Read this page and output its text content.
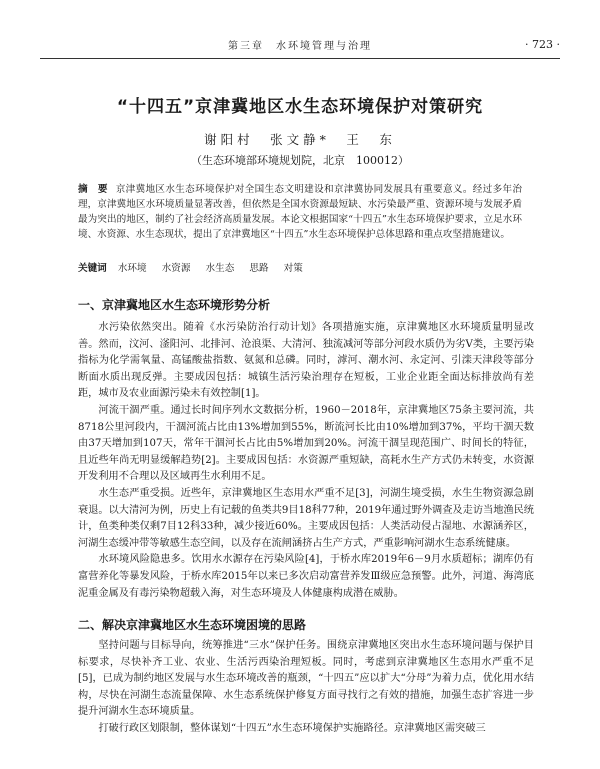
第三章　水环境管理与治理	· 723 ·
“十四五”京津冀地区水生态环境保护对策研究
谢阳村　张文静*　王　东
（生态环境部环境规划院，北京　100012）
摘　要 京津冀地区水生态环境保护对全国生态文明建设和京津冀协同发展具有重要意义。经过多年治理，京津冀地区水环境质量显著改善，但依然是全国水资源最短缺、水污染最严重、资源环境与发展矛盾最为突出的地区，制约了社会经济高质量发展。本论文根据国家“十四五”水生态环境保护要求，立足水环境、水资源、水生态现状，提出了京津冀地区“十四五”水生态环境保护总体思路和重点攻坚措施建议。
关键词 水环境 水资源 水生态 思路 对策
一、京津冀地区水生态环境形势分析

水污染依然突出。随着《水污染防治行动计划》各项措施实施，京津冀地区水环境质量明显改善。然而，汶河、滏阳河、北排河、沧浪渠、大清河、独流减河等部分河段水质仍为劣Ⅴ类，主要污染指标为化学需氧量、高锰酸盐指数、氨氮和总磷。同时，滹河、潮水河、永定河、引滦天津段等部分断面水质出现反弹。主要成因包括：城镇生活污染治理存在短板，工业企业距全面达标排放尚有差距，城市及农业面源污染未有效控制[1]。

河流干涸严重。通过长时间序列水文数据分析，1960－2018年，京津冀地区75条主要河流，共8718公里河段内，干涸河流占比由13%增加到55%，断流河长比由10%增加到37%，平均干涸天数由37天增加到107天，常年干涸河长占比由5%增加到20%。河流干涸呈现范围广、时间长的特征，且近些年尚无明显缓解趋势[2]。主要成因包括：水资源严重短缺，高耗水生产方式仍未转变，水资源开发利用不合理以及区域再生水利用不足。

水生态严重受损。近些年，京津冀地区生态用水严重不足[3]，河湖生境受损，水生生物资源急剧衰退。以大清河为例，历史上有记载的鱼类共9目18科77种，2019年通过野外调查及走访当地渔民统计，鱼类种类仅剩7目12科33种，减少接近60%。主要成因包括：人类活动侵占湿地、水源涵养区，河湖生态缓冲带等敏感生态空间，以及存在流闸涵挤占生产方式，严重影响河湖水生态系统健康。

水环境风险隐患多。饮用水水源存在污染风险[4]，于桥水库2019年6－9月水质超标；湖库仍有富营养化等暴发风险，于桥水库2015年以来已多次启动富营养发Ⅲ级应急预警。此外，河道、海湾底泥重金属及有毒污染物超载入海，对生态环境及人体健康构成潜在威胁。

二、解决京津冀地区水生态环境困境的思路

坚持问题与目标导向，统筹推进“三水”保护任务。围绕京津冀地区突出水生态环境问题与保护目标要求，尽快补齐工业、农业、生活污西染治理短板。同时，考虑到京津冀地区生态用水严重不足[5]，已成为制约地区发展与水生态环境改善的瓶颈，“十四五”应以扩大“分母”为着力点，优化用水结构，尽快在河湖生态流量保障、水生态系统保护修复方面寻找行之有效的措施，加强生态扩容进一步提升河湖水生态环境质量。

打破行政区划限制，整体谋划“十四五”水生态环境保护实施路径。京津冀地区需突破三
